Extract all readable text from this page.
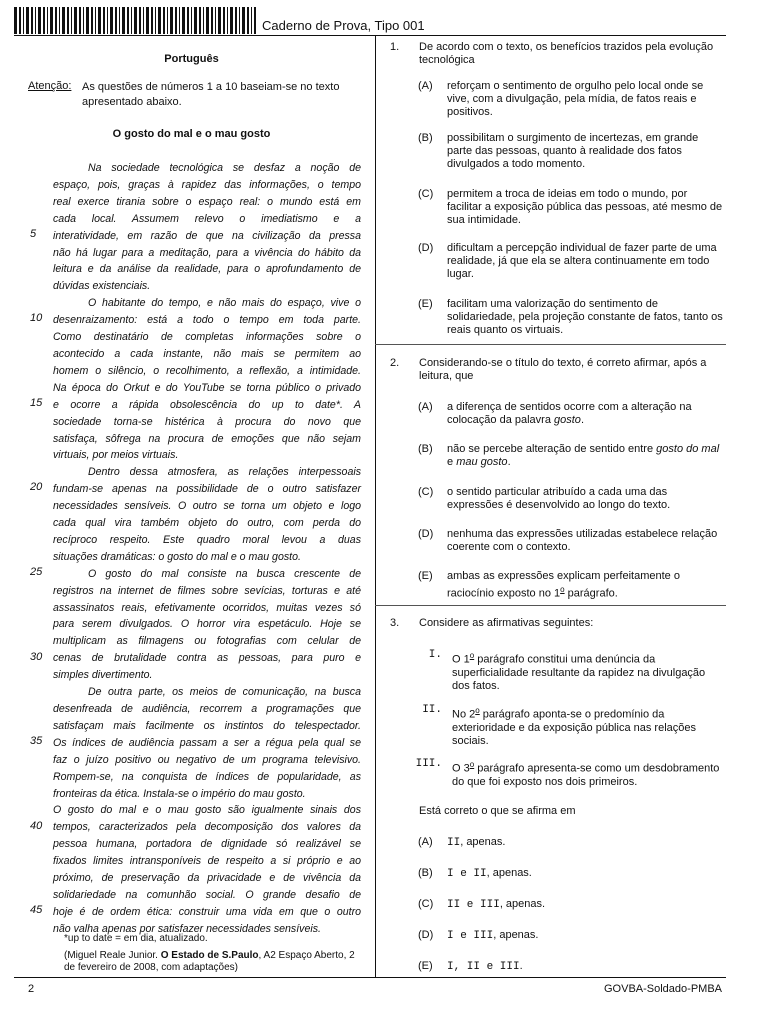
Caderno de Prova, Tipo 001
Português
Atenção: As questões de números 1 a 10 baseiam-se no texto apresentado abaixo.
O gosto do mal e o mau gosto
5
10
15
20
25
30
35
40
45
Na sociedade tecnológica se desfaz a noção de
espaço, pois, graças à rapidez das informações, o tempo
real exerce tirania sobre o espaço real: o mundo está em
cada local. Assumem relevo o imediatismo e a
interatividade, em razão de que na civilização da pressa
não há lugar para a meditação, para a vivência do hábito da
leitura e da análise da realidade, para o aprofundamento de
dúvidas existenciais.
O habitante do tempo, e não mais do espaço, vive o
desenraizamento: está a todo o tempo em toda parte.
Como destinatário de completas informações sobre o
acontecido a cada instante, não mais se permitem ao
homem o silêncio, o recolhimento, a reflexão, a intimidade.
Na época do Orkut e do YouTube se torna público o privado
e ocorre a rápida obsolescência do up to date*. A
sociedade torna-se histérica à procura do novo que
satisfaça, sôfrega na procura de emoções que não sejam
virtuais, por meios virtuais.
Dentro dessa atmosfera, as relações interpessoais
fundam-se apenas na possibilidade de o outro satisfazer
necessidades sensíveis. O outro se torna um objeto e logo
cada qual vira também objeto do outro, com perda do
recíproco respeito. Este quadro moral levou a duas
situações dramáticas: o gosto do mal e o mau gosto.
O gosto do mal consiste na busca crescente de
registros na internet de filmes sobre sevícias, torturas e até
assassinatos reais, efetivamente ocorridos, muitas vezes só
para serem divulgados. O horror vira espetáculo. Hoje se
multiplicam as filmagens ou fotografias com celular de
cenas de brutalidade contra as pessoas, para puro e
simples divertimento.
De outra parte, os meios de comunicação, na busca
desenfreada de audiência, recorrem a programações que
satisfaçam mais facilmente os instintos do telespectador.
Os índices de audiência passam a ser a régua pela qual se
faz o juízo positivo ou negativo de um programa televisivo.
Rompem-se, na conquista de índices de popularidade, as
fronteiras da ética. Instala-se o império do mau gosto.
O gosto do mal e o mau gosto são igualmente sinais dos
tempos, caracterizados pela decomposição dos valores da
pessoa humana, portadora de dignidade só realizável se
fixados limites intransponíveis de respeito a si próprio e ao
próximo, de preservação da privacidade e de vivência da
solidariedade na comunhão social. O grande desafio de
hoje é de ordem ética: construir uma vida em que o outro
não valha apenas por satisfazer necessidades sensíveis.
*up to date = em dia, atualizado.
(Miguel Reale Junior. O Estado de S.Paulo, A2 Espaço Aberto, 2 de fevereiro de 2008, com adaptações)
1. De acordo com o texto, os benefícios trazidos pela evolução tecnológica
(A) reforçam o sentimento de orgulho pelo local onde se vive, com a divulgação, pela mídia, de fatos reais e positivos.
(B) possibilitam o surgimento de incertezas, em grande parte das pessoas, quanto à realidade dos fatos divulgados a todo momento.
(C) permitem a troca de ideias em todo o mundo, por facilitar a exposição pública das pessoas, até mesmo de sua intimidade.
(D) dificultam a percepção individual de fazer parte de uma realidade, já que ela se altera continuamente em todo lugar.
(E) facilitam uma valorização do sentimento de solidariedade, pela projeção constante de fatos, tanto os reais quanto os virtuais.
2. Considerando-se o título do texto, é correto afirmar, após a leitura, que
(A) a diferença de sentidos ocorre com a alteração na colocação da palavra gosto.
(B) não se percebe alteração de sentido entre gosto do mal e mau gosto.
(C) o sentido particular atribuído a cada uma das expressões é desenvolvido ao longo do texto.
(D) nenhuma das expressões utilizadas estabelece relação coerente com o contexto.
(E) ambas as expressões explicam perfeitamente o raciocínio exposto no 1$^o$ parágrafo.
3. Considere as afirmativas seguintes:
I. O 1$^o$ parágrafo constitui uma denúncia da superficialidade resultante da rapidez na divulgação dos fatos.
II. No 2$^o$ parágrafo aponta-se o predomínio da exterioridade e da exposição pública nas relações sociais.
III. O 3$^o$ parágrafo apresenta-se como um desdobramento do que foi exposto nos dois primeiros.
Está correto o que se afirma em
(A) II, apenas.
(B) I e II, apenas.
(C) II e III, apenas.
(D) I e III, apenas.
(E) I, II e III.
2	GOVBA-Soldado-PMBA
